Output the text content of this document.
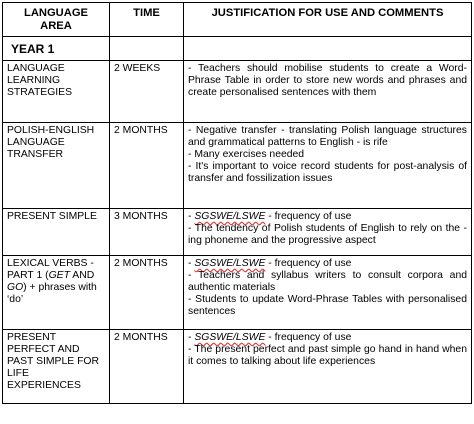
LANGUAGE AREA	TIME	JUSTIFICATION FOR USE AND COMMENTS
YEAR 1		
LANGUAGE LEARNING STRATEGIES	2 WEEKS	- Teachers should mobilise students to create a Word-Phrase Table in order to store new words and phrases and create personalised sentences with them

POLISH-ENGLISH LANGUAGE TRANSFER	2 MONTHS	- Negative transfer - translating Polish language structures and grammatical patterns to English - is rife
- Many exercises needed
- It's important to voice record students for post-analysis of transfer and fossilization issues

PRESENT SIMPLE	3 MONTHS	- SGSWE/LSWE - frequency of use
- The tendency of Polish students of English to rely on the -ing phoneme and the progressive aspect

LEXICAL VERBS - PART 1 (GET AND GO) + phrases with ‘do’	2 MONTHS	- SGSWE/LSWE - frequency of use
- Teachers and syllabus writers to consult corpora and authentic materials
- Students to update Word-Phrase Tables with personalised sentences

PRESENT PERFECT AND PAST SIMPLE FOR LIFE EXPERIENCES	2 MONTHS	- SGSWE/LSWE - frequency of use
- The present perfect and past simple go hand in hand when it comes to talking about life experiences
